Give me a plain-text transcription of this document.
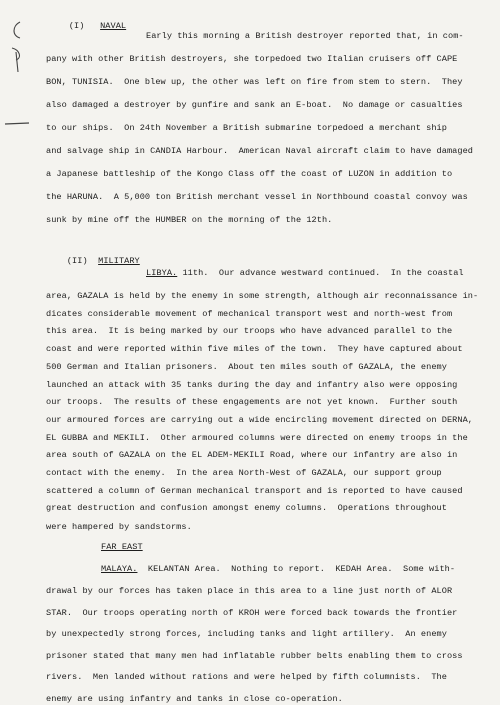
(I) NAVAL

Early this morning a British destroyer reported that, in com-
pany with other British destroyers, she torpedoed two Italian cruisers off CAPE
BON, TUNISIA.  One blew up, the other was left on fire from stem to stern.  They
also damaged a destroyer by gunfire and sank an E-boat.  No damage or casualties
to our ships.  On 24th November a British submarine torpedoed a merchant ship
and salvage ship in CANDIA Harbour.  American Naval aircraft claim to have damaged
a Japanese battleship of the Kongo Class off the coast of LUZON in addition to
the HARUNA.  A 5,000 ton British merchant vessel in Northbound coastal convoy was
sunk by mine off the HUMBER on the morning of the 12th.

(II) MILITARY

LIBYA. 11th.  Our advance westward continued.  In the coastal
area, GAZALA is held by the enemy in some strength, although air reconnaissance in-
dicates considerable movement of mechanical transport west and north-west from
this area.  It is being marked by our troops who have advanced parallel to the
coast and were reported within five miles of the town.  They have captured about
500 German and Italian prisoners.  About ten miles south of GAZALA, the enemy
launched an attack with 35 tanks during the day and infantry also were opposing
our troops.  The results of these engagements are not yet known.  Further south
our armoured forces are carrying out a wide encircling movement directed on DERNA,
EL GUBBA and MEKILI.  Other armoured columns were directed on enemy troops in the
area south of GAZALA on the EL ADEM-MEKILI Road, where our infantry are also in
contact with the enemy.  In the area North-West of GAZALA, our support group
scattered a column of German mechanical transport and is reported to have caused
great destruction and confusion amongst enemy columns.  Operations throughout
were hampered by sandstorms.
FAR EAST
MALAYA.  KELANTAN Area.  Nothing to report.  KEDAH Area.  Some with-
drawal by our forces has taken place in this area to a line just north of ALOR
STAR.  Our troops operating north of KROH were forced back towards the frontier
by unexpectedly strong forces, including tanks and light artillery.  An enemy
prisoner stated that many men had inflatable rubber belts enabling them to cross
rivers.  Men landed without rations and were helped by fifth columnists.  The
enemy are using infantry and tanks in close co-operation.
